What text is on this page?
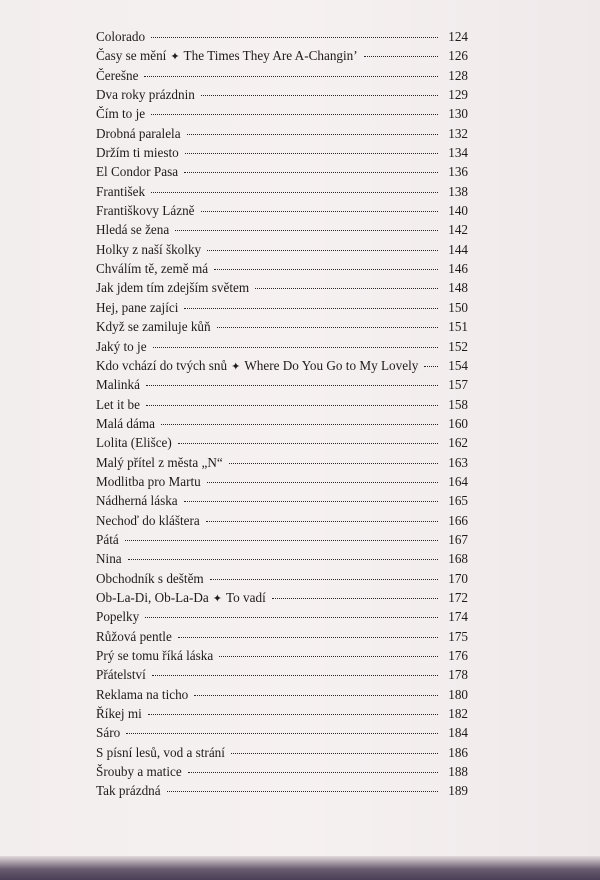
Colorado	124
Časy se mění ✦ The Times They Are A-Changin’	126
Čerešne	128
Dva roky prázdnin	129
Čím to je	130
Drobná paralela	132
Držím ti miesto	134
El Condor Pasa	136
František	138
Františkovy Lázně	140
Hledá se žena	142
Holky z naší školky	144
Chválím tě, země má	146
Jak jdem tím zdejším světem	148
Hej, pane zajíci	150
Když se zamiluje kůň	151
Jaký to je	152
Kdo vchází do tvých snů ✦ Where Do You Go to My Lovely	154
Malinká	157
Let it be	158
Malá dáma	160
Lolita (Elišce)	162
Malý přítel z města „N“	163
Modlitba pro Martu	164
Nádherná láska	165
Nechoď do kláštera	166
Pátá	167
Nina	168
Obchodník s deštěm	170
Ob-La-Di, Ob-La-Da ✦ To vadí	172
Popelky	174
Růžová pentle	175
Prý se tomu říká láska	176
Přátelství	178
Reklama na ticho	180
Říkej mi	182
Sáro	184
S písní lesů, vod a strání	186
Šrouby a matice	188
Tak prázdná	189
